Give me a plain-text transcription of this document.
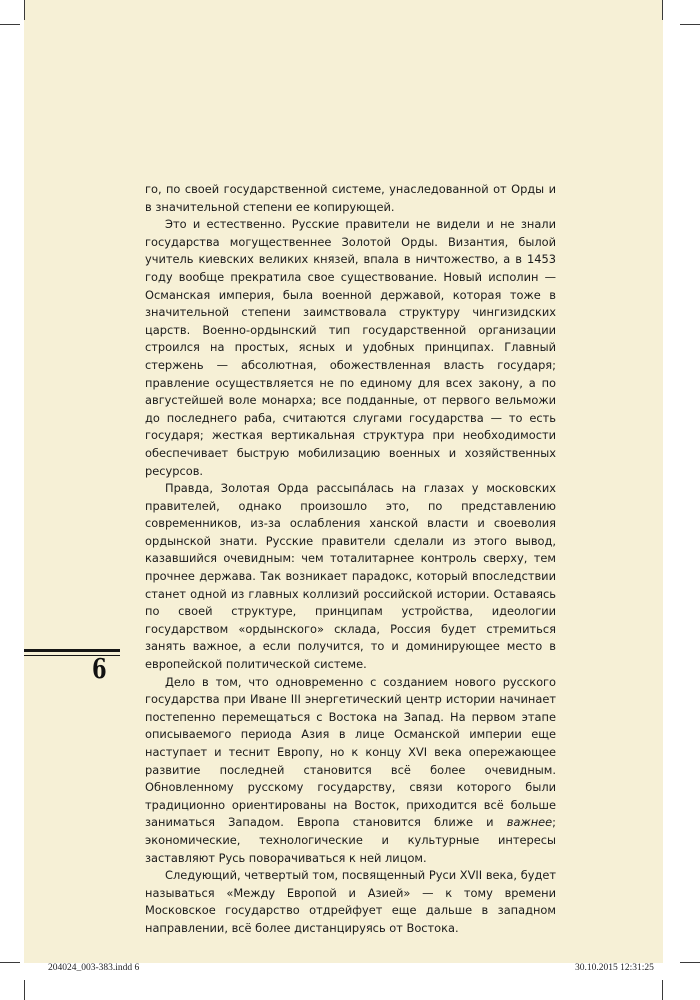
го, по своей государственной системе, унаследованной от Орды и в значительной степени ее копирующей.

Это и естественно. Русские правители не видели и не знали государства могущественнее Золотой Орды. Византия, былой учитель киевских великих князей, впала в ничтожество, а в 1453 году вообще прекратила свое существование. Новый исполин — Османская империя, была военной державой, которая тоже в значительной степени заимствовала структуру чингизидских царств. Военно-ордынский тип государственной организации строился на простых, ясных и удобных принципах. Главный стержень — абсолютная, обожествленная власть государя; правление осуществляется не по единому для всех закону, а по августейшей воле монарха; все подданные, от первого вельможи до последнего раба, считаются слугами государства — то есть государя; жесткая вертикальная структура при необходимости обеспечивает быструю мобилизацию военных и хозяйственных ресурсов.

Правда, Золотая Орда рассыпа́лась на глазах у московских правителей, однако произошло это, по представлению современников, из-за ослабления ханской власти и своеволия ордынской знати. Русские правители сделали из этого вывод, казавшийся очевидным: чем тоталитарнее контроль сверху, тем прочнее держава. Так возникает парадокс, который впоследствии станет одной из главных коллизий российской истории. Оставаясь по своей структуре, принципам устройства, идеологии государством «ордынского» склада, Россия будет стремиться занять важное, а если получится, то и доминирующее место в европейской политической системе.

Дело в том, что одновременно с созданием нового русского государства при Иване III энергетический центр истории начинает постепенно перемещаться с Востока на Запад. На первом этапе описываемого периода Азия в лице Османской империи еще наступает и теснит Европу, но к концу XVI века опережающее развитие последней становится всё более очевидным. Обновленному русскому государству, связи которого были традиционно ориентированы на Восток, приходится всё больше заниматься Западом. Европа становится ближе и важнее; экономические, технологические и культурные интересы заставляют Русь поворачиваться к ней лицом.

Следующий, четвертый том, посвященный Руси XVII века, будет называться «Между Европой и Азией» — к тому времени Московское государство отдрейфует еще дальше в западном направлении, всё более дистанцируясь от Востока.

6
204024_003-383.indd 6	30.10.2015 12:31:25
